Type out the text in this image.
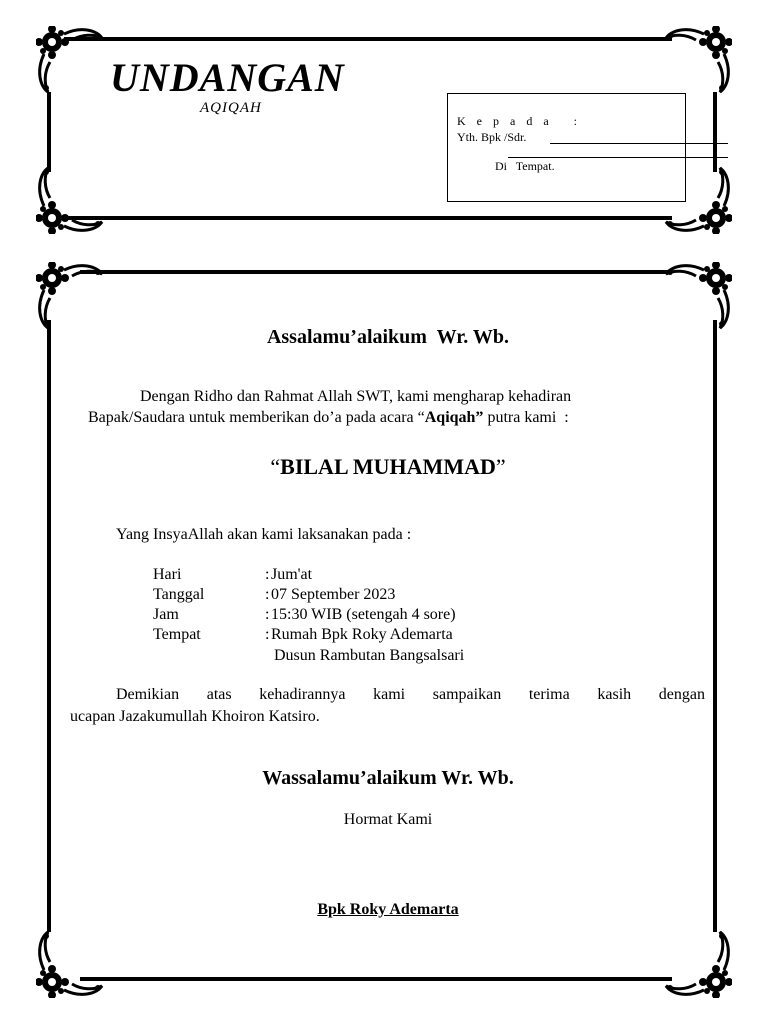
UNDANGAN
AQIQAH
K e p a d a   :
Yth. Bpk /Sdr.
Di   Tempat.
Assalamu’alaikum  Wr. Wb.
Dengan Ridho dan Rahmat Allah SWT, kami mengharap kehadiran
Bapak/Saudara untuk memberikan do’a pada acara “Aqiqah” putra kami  :
“BILAL MUHAMMAD”
Yang InsyaAllah akan kami laksanakan pada :
Hari	: Jum'at
Tanggal	: 07 September 2023
Jam	: 15:30 WIB (setengah 4 sore)
Tempat	: Rumah Bpk Roky Ademarta
Dusun Rambutan Bangsalsari
Demikian atas kehadirannya kami sampaikan terima kasih dengan
ucapan Jazakumullah Khoiron Katsiro.
Wassalamu’alaikum Wr. Wb.
Hormat Kami
Bpk Roky Ademarta
